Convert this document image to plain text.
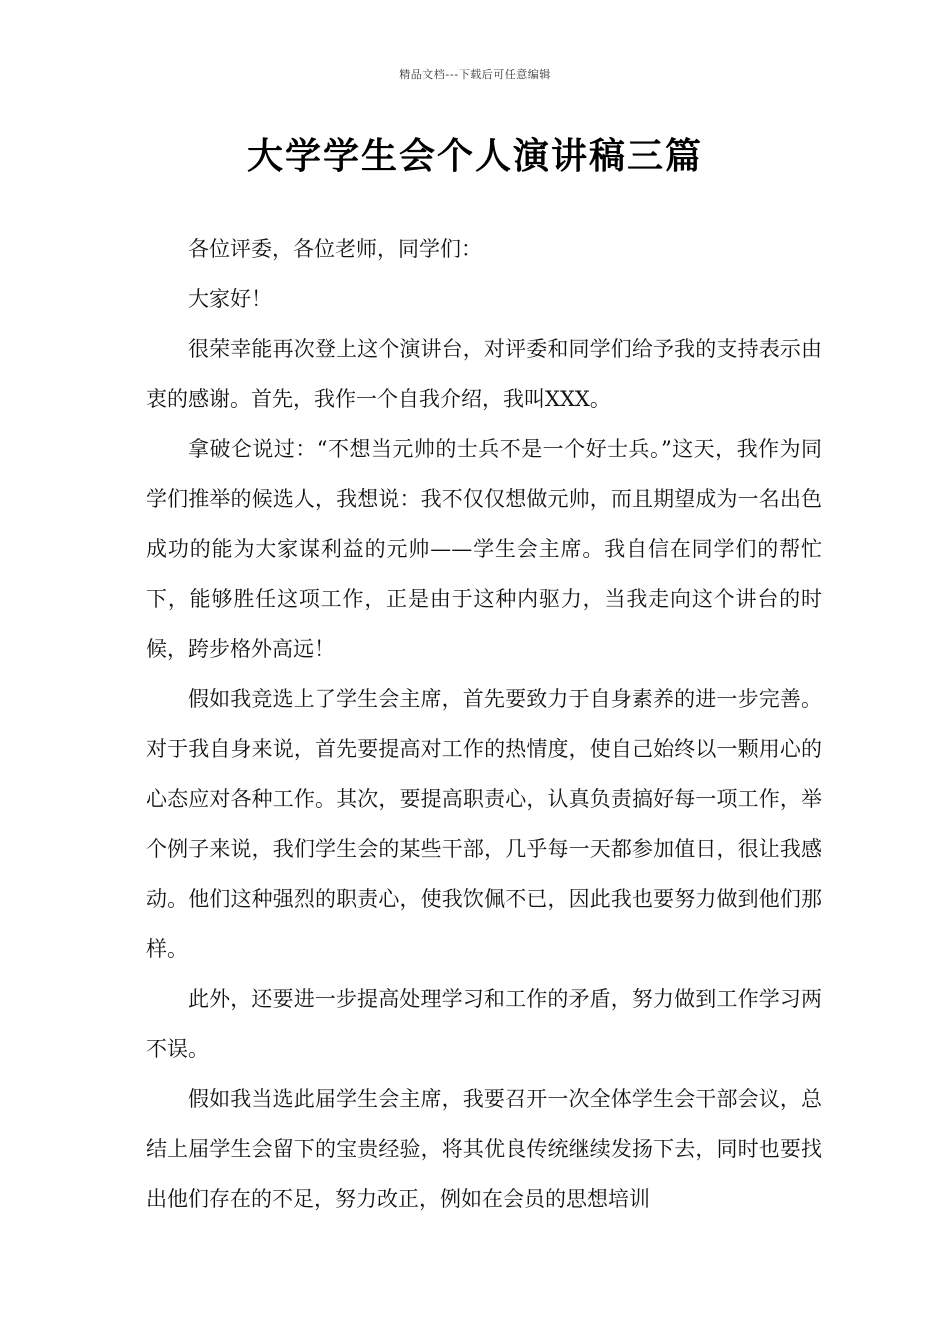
精品文档---下载后可任意编辑
大学学生会个人演讲稿三篇

各位评委，各位老师，同学们：

大家好！

很荣幸能再次登上这个演讲台，对评委和同学们给予我的支持表示由衷的感谢。首先，我作一个自我介绍，我叫XXX。

拿破仑说过：“不想当元帅的士兵不是一个好士兵。”这天，我作为同学们推举的候选人，我想说：我不仅仅想做元帅，而且期望成为一名出色成功的能为大家谋利益的元帅——学生会主席。我自信在同学们的帮忙下，能够胜任这项工作，正是由于这种内驱力，当我走向这个讲台的时候，跨步格外高远！

假如我竞选上了学生会主席，首先要致力于自身素养的进一步完善。对于我自身来说，首先要提高对工作的热情度，使自己始终以一颗用心的心态应对各种工作。其次，要提高职责心，认真负责搞好每一项工作，举个例子来说，我们学生会的某些干部，几乎每一天都参加值日，很让我感动。他们这种强烈的职责心，使我饮佩不已，因此我也要努力做到他们那样。

此外，还要进一步提高处理学习和工作的矛盾，努力做到工作学习两不误。

假如我当选此届学生会主席，我要召开一次全体学生会干部会议，总结上届学生会留下的宝贵经验，将其优良传统继续发扬下去，同时也要找出他们存在的不足，努力改正，例如在会员的思想培训
